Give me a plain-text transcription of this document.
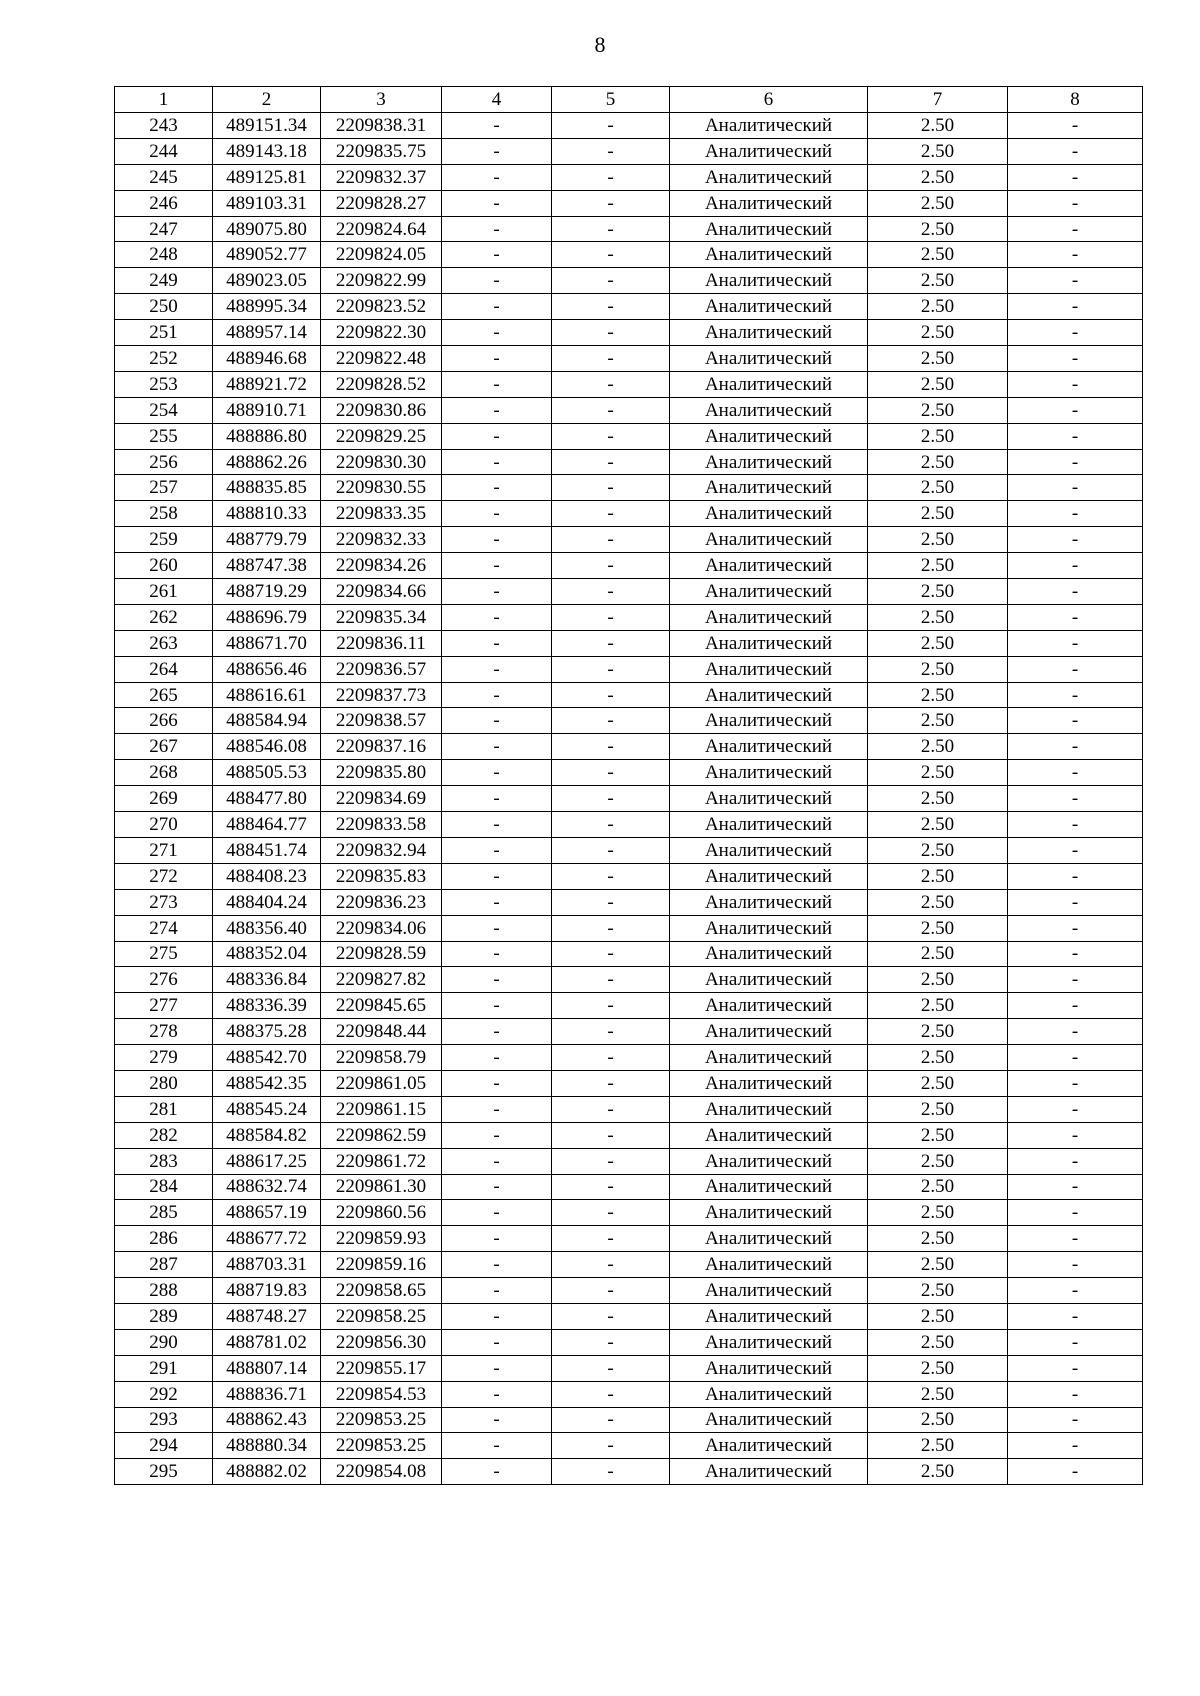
8
1	2	3	4	5	6	7	8
243	489151.34	2209838.31	-	-	Аналитический	2.50	-
244	489143.18	2209835.75	-	-	Аналитический	2.50	-
245	489125.81	2209832.37	-	-	Аналитический	2.50	-
246	489103.31	2209828.27	-	-	Аналитический	2.50	-
247	489075.80	2209824.64	-	-	Аналитический	2.50	-
248	489052.77	2209824.05	-	-	Аналитический	2.50	-
249	489023.05	2209822.99	-	-	Аналитический	2.50	-
250	488995.34	2209823.52	-	-	Аналитический	2.50	-
251	488957.14	2209822.30	-	-	Аналитический	2.50	-
252	488946.68	2209822.48	-	-	Аналитический	2.50	-
253	488921.72	2209828.52	-	-	Аналитический	2.50	-
254	488910.71	2209830.86	-	-	Аналитический	2.50	-
255	488886.80	2209829.25	-	-	Аналитический	2.50	-
256	488862.26	2209830.30	-	-	Аналитический	2.50	-
257	488835.85	2209830.55	-	-	Аналитический	2.50	-
258	488810.33	2209833.35	-	-	Аналитический	2.50	-
259	488779.79	2209832.33	-	-	Аналитический	2.50	-
260	488747.38	2209834.26	-	-	Аналитический	2.50	-
261	488719.29	2209834.66	-	-	Аналитический	2.50	-
262	488696.79	2209835.34	-	-	Аналитический	2.50	-
263	488671.70	2209836.11	-	-	Аналитический	2.50	-
264	488656.46	2209836.57	-	-	Аналитический	2.50	-
265	488616.61	2209837.73	-	-	Аналитический	2.50	-
266	488584.94	2209838.57	-	-	Аналитический	2.50	-
267	488546.08	2209837.16	-	-	Аналитический	2.50	-
268	488505.53	2209835.80	-	-	Аналитический	2.50	-
269	488477.80	2209834.69	-	-	Аналитический	2.50	-
270	488464.77	2209833.58	-	-	Аналитический	2.50	-
271	488451.74	2209832.94	-	-	Аналитический	2.50	-
272	488408.23	2209835.83	-	-	Аналитический	2.50	-
273	488404.24	2209836.23	-	-	Аналитический	2.50	-
274	488356.40	2209834.06	-	-	Аналитический	2.50	-
275	488352.04	2209828.59	-	-	Аналитический	2.50	-
276	488336.84	2209827.82	-	-	Аналитический	2.50	-
277	488336.39	2209845.65	-	-	Аналитический	2.50	-
278	488375.28	2209848.44	-	-	Аналитический	2.50	-
279	488542.70	2209858.79	-	-	Аналитический	2.50	-
280	488542.35	2209861.05	-	-	Аналитический	2.50	-
281	488545.24	2209861.15	-	-	Аналитический	2.50	-
282	488584.82	2209862.59	-	-	Аналитический	2.50	-
283	488617.25	2209861.72	-	-	Аналитический	2.50	-
284	488632.74	2209861.30	-	-	Аналитический	2.50	-
285	488657.19	2209860.56	-	-	Аналитический	2.50	-
286	488677.72	2209859.93	-	-	Аналитический	2.50	-
287	488703.31	2209859.16	-	-	Аналитический	2.50	-
288	488719.83	2209858.65	-	-	Аналитический	2.50	-
289	488748.27	2209858.25	-	-	Аналитический	2.50	-
290	488781.02	2209856.30	-	-	Аналитический	2.50	-
291	488807.14	2209855.17	-	-	Аналитический	2.50	-
292	488836.71	2209854.53	-	-	Аналитический	2.50	-
293	488862.43	2209853.25	-	-	Аналитический	2.50	-
294	488880.34	2209853.25	-	-	Аналитический	2.50	-
295	488882.02	2209854.08	-	-	Аналитический	2.50	-
